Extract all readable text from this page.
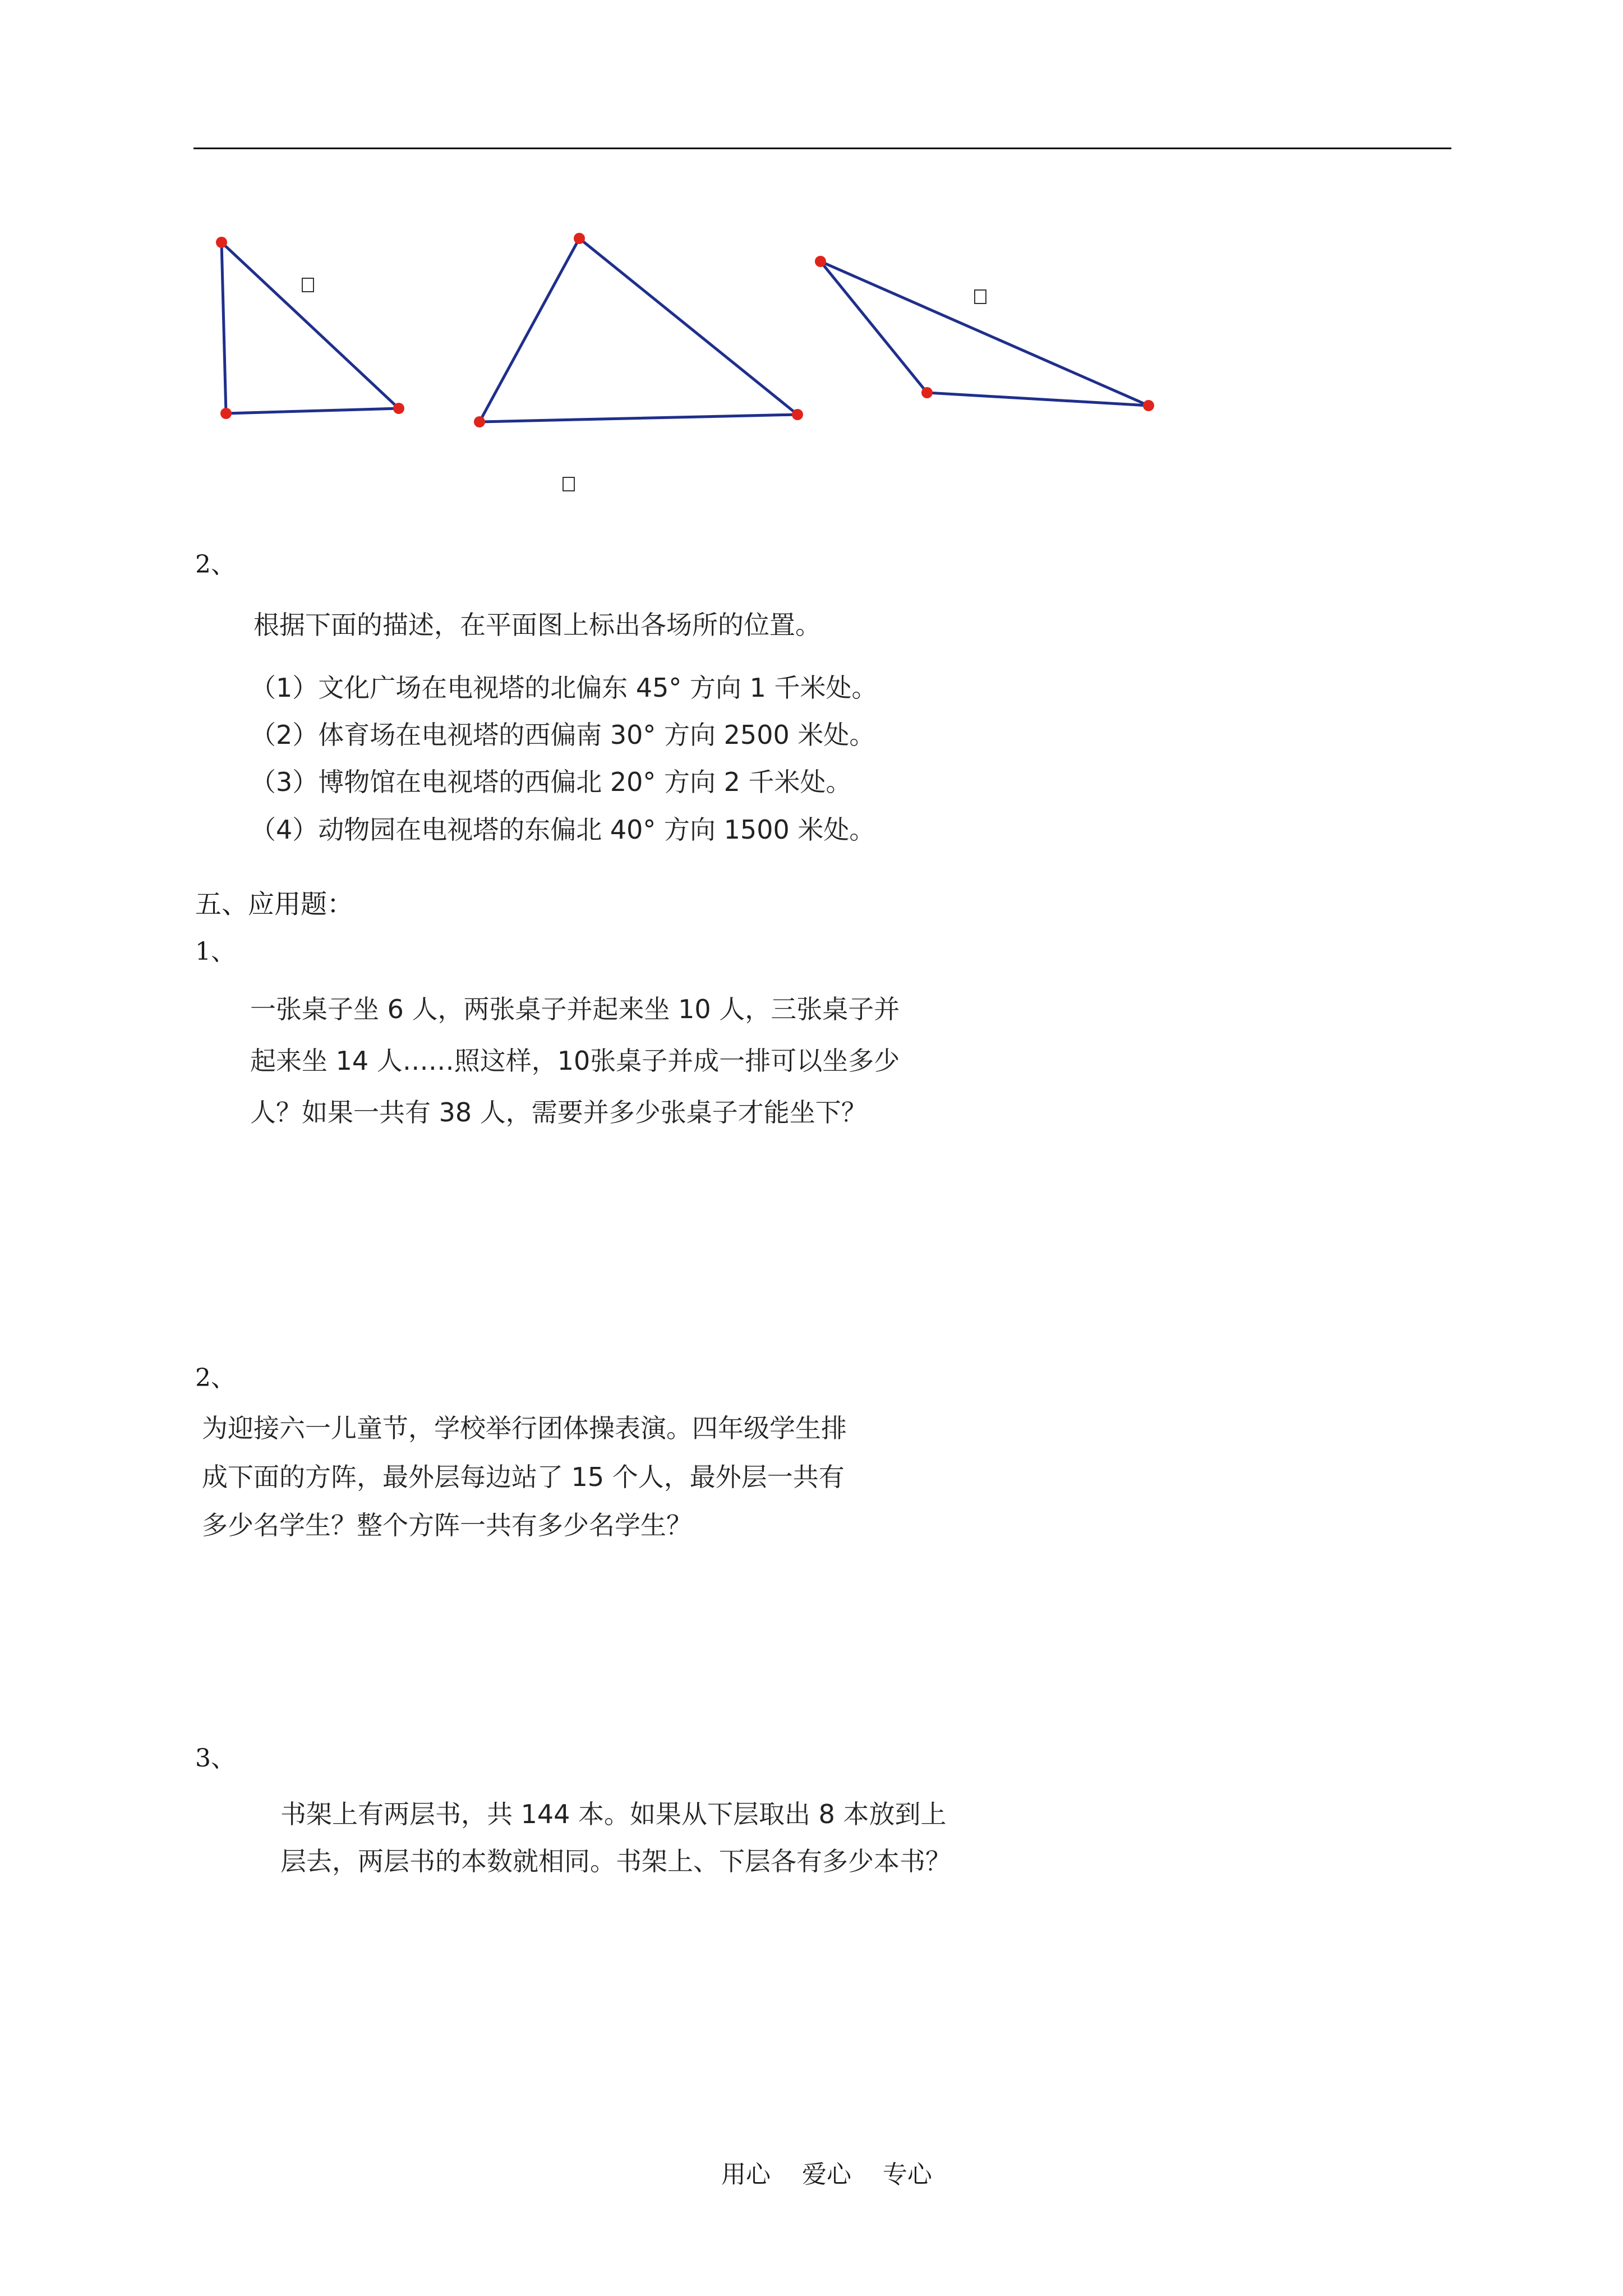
2、
根据下面的描述，在平面图上标出各场所的位置。
（1）文化广场在电视塔的北偏东 45° 方向 1 千米处。
（2）体育场在电视塔的西偏南 30° 方向 2500 米处。
（3）博物馆在电视塔的西偏北 20° 方向 2 千米处。
（4）动物园在电视塔的东偏北 40° 方向 1500 米处。
五、应用题：
1、
一张桌子坐 6 人，两张桌子并起来坐 10 人，三张桌子并
起来坐 14 人……照这样，10张桌子并成一排可以坐多少
人？如果一共有 38 人，需要并多少张桌子才能坐下？
2、
为迎接六一儿童节，学校举行团体操表演。四年级学生排
成下面的方阵，最外层每边站了 15 个人，最外层一共有
多少名学生？整个方阵一共有多少名学生？
3、
书架上有两层书，共 144 本。如果从下层取出 8 本放到上
层去，两层书的本数就相同。书架上、下层各有多少本书？
用心    爱心    专心
